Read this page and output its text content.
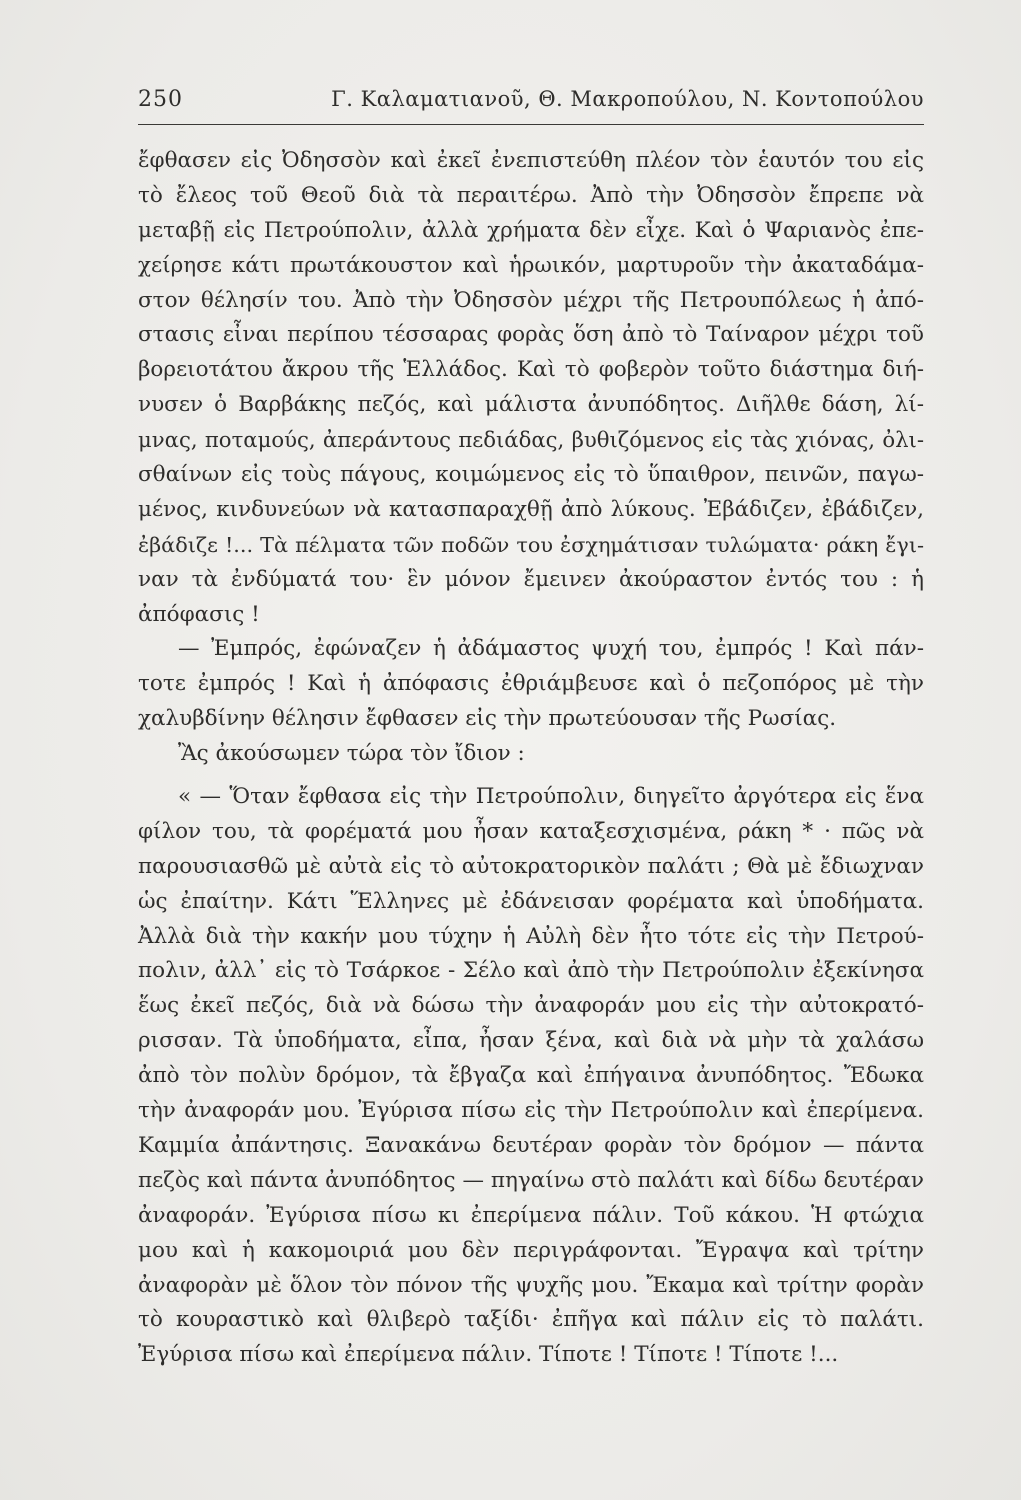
250	Γ. Καλαματιανοῦ, Θ. Μακροπούλου, Ν. Κοντοπούλου
ἔφθασεν εἰς Ὀδησσὸν καὶ ἐκεῖ ἐνεπιστεύθη πλέον τὸν ἑαυτόν του εἰς
τὸ ἔλεος τοῦ Θεοῦ διὰ τὰ περαιτέρω. Ἀπὸ τὴν Ὀδησσὸν ἔπρεπε νὰ
μεταβῇ εἰς Πετρούπολιν, ἀλλὰ χρήματα δὲν εἶχε. Καὶ ὁ Ψαριανὸς ἐπε-
χείρησε κάτι πρωτάκουστον καὶ ἡρωικόν, μαρτυροῦν τὴν ἀκαταδάμα-
στον θέλησίν του. Ἀπὸ τὴν Ὀδησσὸν μέχρι τῆς Πετρουπόλεως ἡ ἀπό-
στασις εἶναι περίπου τέσσαρας φορὰς ὅση ἀπὸ τὸ Ταίναρον μέχρι τοῦ
βορειοτάτου ἄκρου τῆς Ἑλλάδος. Καὶ τὸ φοβερὸν τοῦτο διάστημα διή-
νυσεν ὁ Βαρβάκης πεζός, καὶ μάλιστα ἀνυπόδητος. Διῆλθε δάση, λί-
μνας, ποταμούς, ἀπεράντους πεδιάδας, βυθιζόμενος εἰς τὰς χιόνας, ὀλι-
σθαίνων εἰς τοὺς πάγους, κοιμώμενος εἰς τὸ ὕπαιθρον, πεινῶν, παγω-
μένος, κινδυνεύων νὰ κατασπαραχθῇ ἀπὸ λύκους. Ἐβάδιζεν, ἐβάδιζεν,
ἐβάδιζε !... Τὰ πέλματα τῶν ποδῶν του ἐσχημάτισαν τυλώματα· ράκη ἔγι-
ναν τὰ ἐνδύματά του· ἓν μόνον ἔμεινεν ἀκούραστον ἐντός του : ἡ
ἀπόφασις !
— Ἐμπρός, ἐφώναζεν ἡ ἀδάμαστος ψυχή του, ἐμπρός ! Καὶ πάν-
τοτε ἐμπρός ! Καὶ ἡ ἀπόφασις ἐθριάμβευσε καὶ ὁ πεζοπόρος μὲ τὴν
χαλυβδίνην θέλησιν ἔφθασεν εἰς τὴν πρωτεύουσαν τῆς Ρωσίας.
Ἂς ἀκούσωμεν τώρα τὸν ἴδιον :
« — Ὅταν ἔφθασα εἰς τὴν Πετρούπολιν, διηγεῖτο ἀργότερα εἰς ἕνα
φίλον του, τὰ φορέματά μου ἦσαν καταξεσχισμένα, ράκη * · πῶς νὰ
παρουσιασθῶ μὲ αὐτὰ εἰς τὸ αὐτοκρατορικὸν παλάτι ; Θὰ μὲ ἔδιωχναν
ὡς ἐπαίτην. Κάτι Ἕλληνες μὲ ἐδάνεισαν φορέματα καὶ ὑποδήματα.
Ἀλλὰ διὰ τὴν κακήν μου τύχην ἡ Αὐλὴ δὲν ἦτο τότε εἰς τὴν Πετρού-
πολιν, ἀλλ᾽ εἰς τὸ Τσάρκοε - Σέλο καὶ ἀπὸ τὴν Πετρούπολιν ἐξεκίνησα
ἕως ἐκεῖ πεζός, διὰ νὰ δώσω τὴν ἀναφοράν μου εἰς τὴν αὐτοκρατό-
ρισσαν. Τὰ ὑποδήματα, εἶπα, ἦσαν ξένα, καὶ διὰ νὰ μὴν τὰ χαλάσω
ἀπὸ τὸν πολὺν δρόμον, τὰ ἔβγαζα καὶ ἐπήγαινα ἀνυπόδητος. Ἔδωκα
τὴν ἀναφοράν μου. Ἐγύρισα πίσω εἰς τὴν Πετρούπολιν καὶ ἐπερίμενα.
Καμμία ἀπάντησις. Ξανακάνω δευτέραν φορὰν τὸν δρόμον — πάντα
πεζὸς καὶ πάντα ἀνυπόδητος — πηγαίνω στὸ παλάτι καὶ δίδω δευτέραν
ἀναφοράν. Ἐγύρισα πίσω κι ἐπερίμενα πάλιν. Τοῦ κάκου. Ἡ φτώχια
μου καὶ ἡ κακομοιριά μου δὲν περιγράφονται. Ἔγραψα καὶ τρίτην
ἀναφορὰν μὲ ὅλον τὸν πόνον τῆς ψυχῆς μου. Ἔκαμα καὶ τρίτην φορὰν
τὸ κουραστικὸ καὶ θλιβερὸ ταξίδι· ἐπῆγα καὶ πάλιν εἰς τὸ παλάτι.
Ἐγύρισα πίσω καὶ ἐπερίμενα πάλιν. Τίποτε ! Τίποτε ! Τίποτε !...
